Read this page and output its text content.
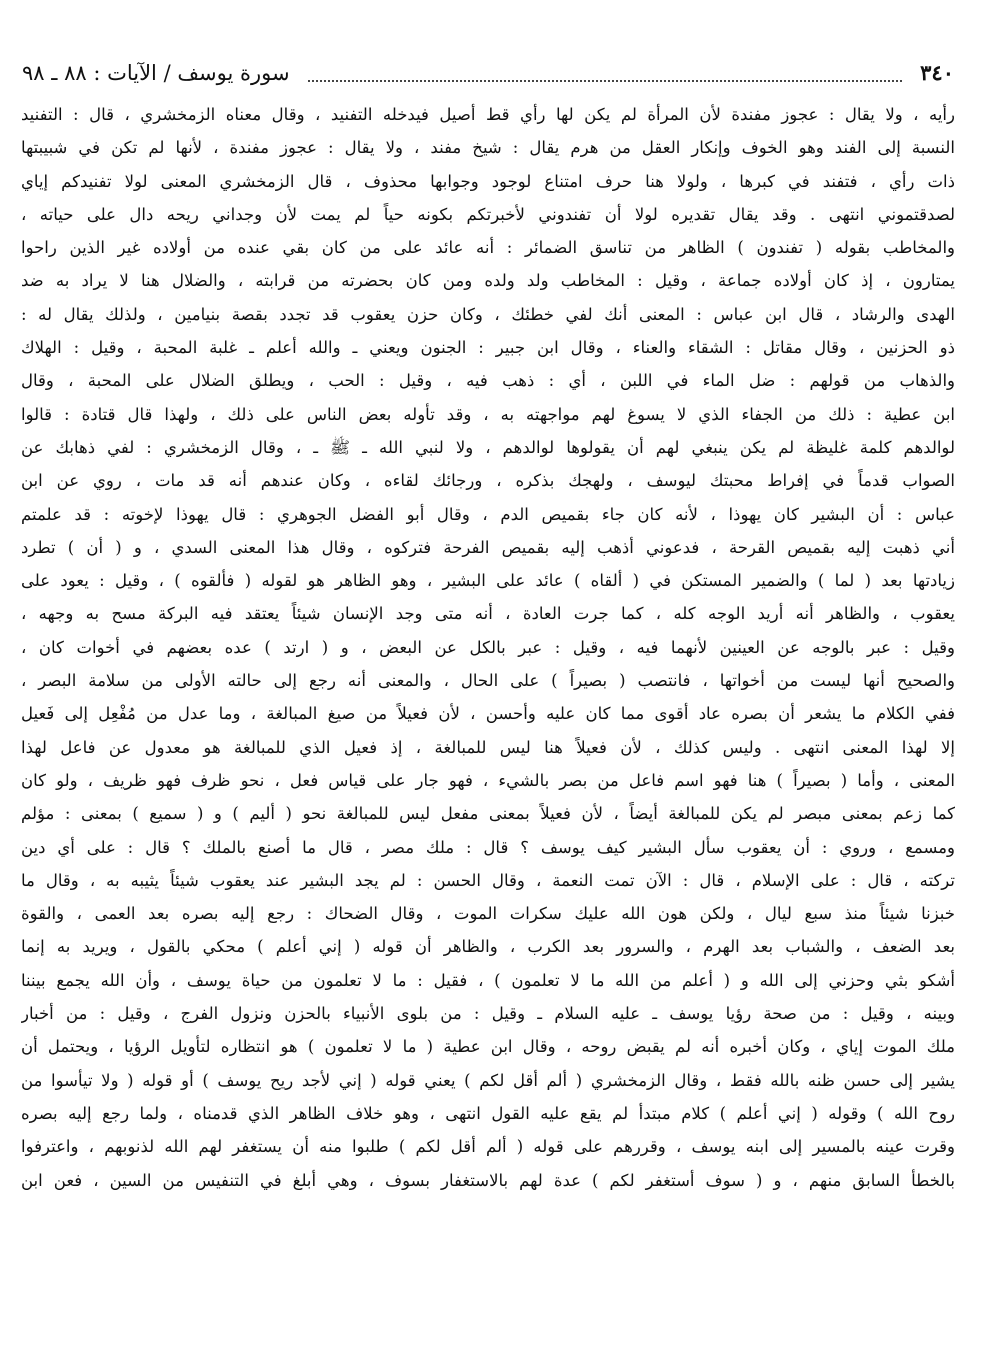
٣٤٠
سورة يوسف / الآيات : ٨٨ ـ ٩٨
رأيه ، ولا يقال : عجوز مفندة لأن المرأة لم يكن لها رأي قط أصيل فيدخله التفنيد ، وقال معناه الزمخشري ، قال : التفنيد
النسبة إلى الفند وهو الخوف وإنكار العقل من هرم يقال : شيخ مفند ، ولا يقال : عجوز مفندة ، لأنها لم تكن في شبيبتها
ذات رأي ، فتفند في كبرها ، ولولا هنا حرف امتناع لوجود وجوابها محذوف ، قال الزمخشري المعنى لولا تفنيدكم إياي
لصدقتموني انتهى . وقد يقال تقديره لولا أن تفندوني لأخبرتكم بكونه حياً لم يمت لأن وجداني ريحه دال على حياته ،
والمخاطب بقوله ( تفندون ) الظاهر من تناسق الضمائر : أنه عائد على من كان بقي عنده من أولاده غير الذين راحوا
يمتارون ، إذ كان أولاده جماعة ، وقيل : المخاطب ولد ولده ومن كان بحضرته من قرابته ، والضلال هنا لا يراد به ضد
الهدى والرشاد ، قال ابن عباس : المعنى أنك لفي خطئك ، وكان حزن يعقوب قد تجدد بقصة بنيامين ، ولذلك يقال له :
ذو الحزنين ، وقال مقاتل : الشقاء والعناء ، وقال ابن جبير : الجنون ويعني ـ والله أعلم ـ غلبة المحبة ، وقيل : الهلاك
والذهاب من قولهم : ضل الماء في اللبن ، أي : ذهب فيه ، وقيل : الحب ، ويطلق الضلال على المحبة ، وقال
ابن عطية : ذلك من الجفاء الذي لا يسوغ لهم مواجهته به ، وقد تأوله بعض الناس على ذلك ، ولهذا قال قتادة : قالوا
لوالدهم كلمة غليظة لم يكن ينبغي لهم أن يقولوها لوالدهم ، ولا لنبي الله ـ ﷺ ـ ، وقال الزمخشري : لفي ذهابك عن
الصواب قدماً في إفراط محبتك ليوسف ، ولهجك بذكره ، ورجائك لقاءه ، وكان عندهم أنه قد مات ، روي عن ابن
عباس : أن البشير كان يهوذا ، لأنه كان جاء بقميص الدم ، وقال أبو الفضل الجوهري : قال يهوذا لإخوته : قد علمتم
أني ذهبت إليه بقميص القرحة ، فدعوني أذهب إليه بقميص الفرحة فتركوه ، وقال هذا المعنى السدي ، و ( أن ) تطرد
زيادتها بعد ( لما ) والضمير المستكن في ( ألقاه ) عائد على البشير ، وهو الظاهر هو لقوله ( فألقوه ) ، وقيل : يعود على
يعقوب ، والظاهر أنه أريد الوجه كله ، كما جرت العادة ، أنه متى وجد الإنسان شيئاً يعتقد فيه البركة مسح به وجهه ،
وقيل : عبر بالوجه عن العينين لأنهما فيه ، وقيل : عبر بالكل عن البعض ، و ( ارتد ) عده بعضهم في أخوات كان ،
والصحيح أنها ليست من أخواتها ، فانتصب ( بصيراً ) على الحال ، والمعنى أنه رجع إلى حالته الأولى من سلامة البصر ،
ففي الكلام ما يشعر أن بصره عاد أقوى مما كان عليه وأحسن ، لأن فعيلاً من صيغ المبالغة ، وما عدل من مُفْعِل إلى فَعيل
إلا لهذا المعنى انتهى . وليس كذلك ، لأن فعيلاً هنا ليس للمبالغة ، إذ فعيل الذي للمبالغة هو معدول عن فاعل لهذا
المعنى ، وأما ( بصيراً ) هنا فهو اسم فاعل من بصر بالشيء ، فهو جار على قياس فعل ، نحو ظرف فهو ظريف ، ولو كان
كما زعم بمعنى مبصر لم يكن للمبالغة أيضاً ، لأن فعيلاً بمعنى مفعل ليس للمبالغة نحو ( أليم ) و ( سميع ) بمعنى : مؤلم
ومسمع ، وروي : أن يعقوب سأل البشير كيف يوسف ؟ قال : ملك مصر ، قال ما أصنع بالملك ؟ قال : على أي دين
تركته ، قال : على الإسلام ، قال : الآن تمت النعمة ، وقال الحسن : لم يجد البشير عند يعقوب شيئاً يثيبه به ، وقال ما
خبزنا شيئاً منذ سبع ليال ، ولكن هون الله عليك سكرات الموت ، وقال الضحاك : رجع إليه بصره بعد العمى ، والقوة
بعد الضعف ، والشباب بعد الهرم ، والسرور بعد الكرب ، والظاهر أن قوله ( إني أعلم ) محكي بالقول ، ويريد به إنما
أشكو بثي وحزني إلى الله و ( أعلم من الله ما لا تعلمون ) ، فقيل : ما لا تعلمون من حياة يوسف ، وأن الله يجمع بيننا
وبينه ، وقيل : من صحة رؤيا يوسف ـ عليه السلام ـ وقيل : من بلوى الأنبياء بالحزن ونزول الفرج ، وقيل : من أخبار
ملك الموت إياي ، وكان أخبره أنه لم يقبض روحه ، وقال ابن عطية ( ما لا تعلمون ) هو انتظاره لتأويل الرؤيا ، ويحتمل أن
يشير إلى حسن ظنه بالله فقط ، وقال الزمخشري ( ألم أقل لكم ) يعني قوله ( إني لأجد ريح يوسف ) أو قوله ( ولا تيأسوا من
روح الله ) وقوله ( إني أعلم ) كلام مبتدأ لم يقع عليه القول انتهى ، وهو خلاف الظاهر الذي قدمناه ، ولما رجع إليه بصره
وقرت عينه بالمسير إلى ابنه يوسف ، وقررهم على قوله ( ألم أقل لكم ) طلبوا منه أن يستغفر لهم الله لذنوبهم ، واعترفوا
بالخطأ السابق منهم ، و ( سوف أستغفر لكم ) عدة لهم بالاستغفار بسوف ، وهي أبلغ في التنفيس من السين ، فعن ابن
